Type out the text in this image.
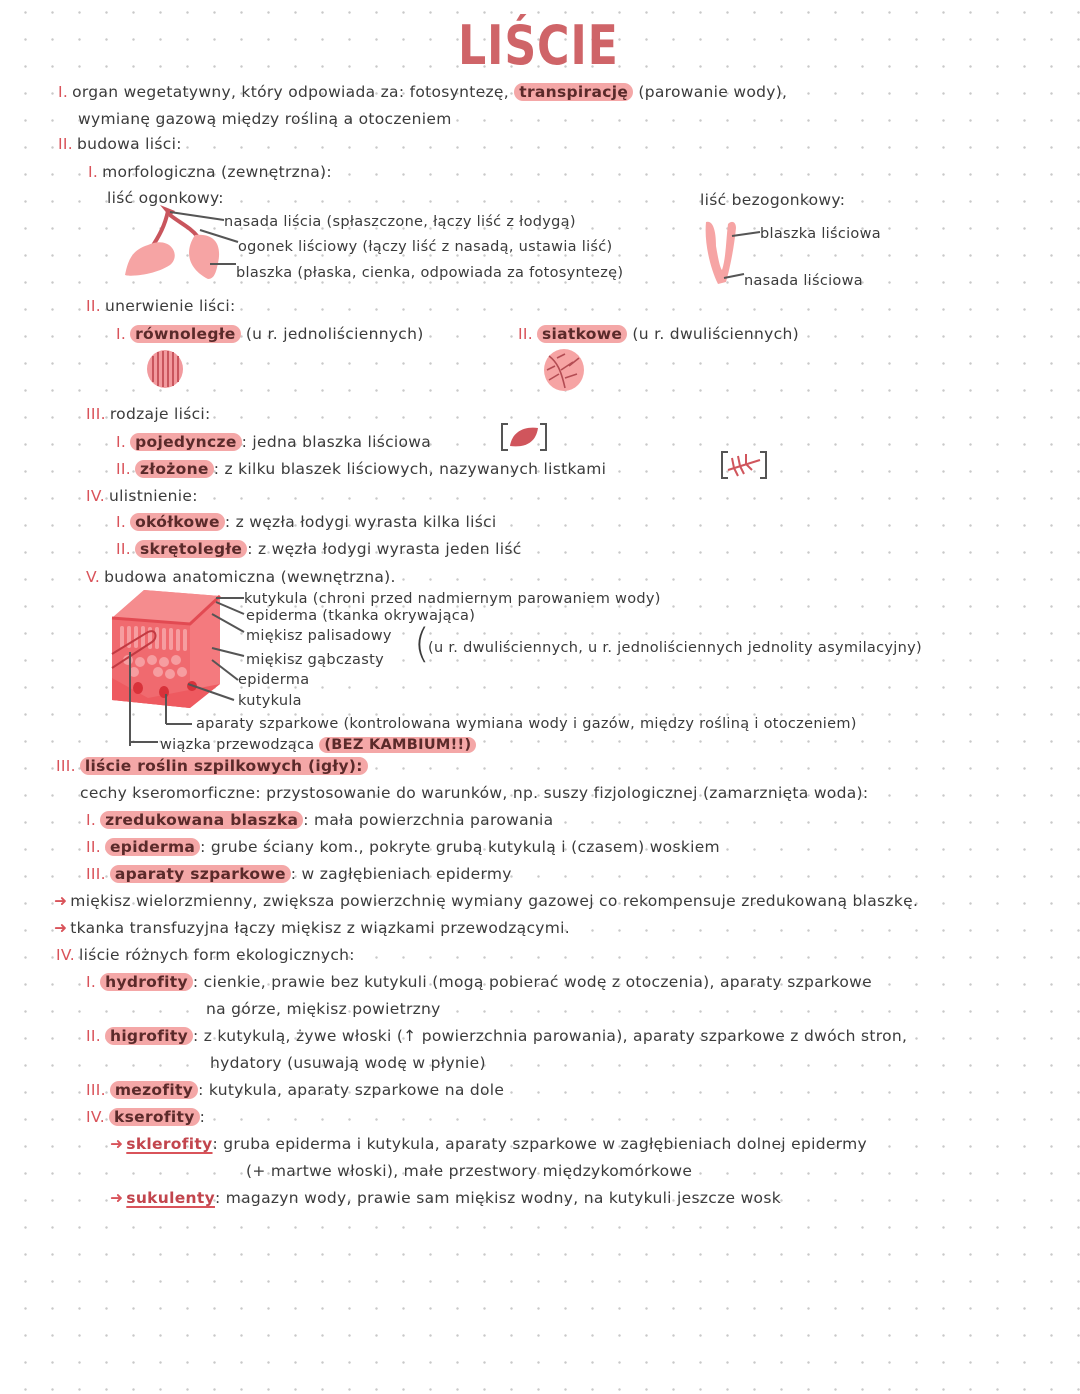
LIŚCIE
I. organ wegetatywny, który odpowiada za: fotosyntezę, transpirację (parowanie wody),
wymianę gazową między rośliną a otoczeniem
II. budowa liści:
I. morfologiczna (zewnętrzna):
liść ogonkowy:
nasada liścia (spłaszczone, łączy liść z łodygą)
ogonek liściowy (łączy liść z nasadą, ustawia liść)
blaszka (płaska, cienka, odpowiada za fotosyntezę)
liść bezogonkowy:
blaszka liściowa
nasada liściowa
II. unerwienie liści:
I. równoległe (u r. jednoliściennych)	II. siatkowe (u r. dwuliściennych)
III. rodzaje liści:
I. pojedyncze : jedna blaszka liściowa
II. złożone : z kilku blaszek liściowych, nazywanych listkami
IV. ulistnienie:
I. okółkowe : z węzła łodygi wyrasta kilka liści
II. skrętoległe : z węzła łodygi wyrasta jeden liść
V. budowa anatomiczna (wewnętrzna).
kutykula (chroni przed nadmiernym parowaniem wody)
epiderma (tkanka okrywająca)
miękisz palisadowy
miękisz gąbczasty (
(u r. dwuliściennych, u r. jednoliściennych jednolity asymilacyjny)
epiderma
kutykula
aparaty szparkowe (kontrolowana wymiana wody i gazów, między rośliną i otoczeniem)
wiązka przewodząca (BEZ KAMBIUM!!)
III. liście roślin szpilkowych (igły):
cechy kseromorficzne: przystosowanie do warunków, np. suszy fizjologicznej (zamarznięta woda):
I. zredukowana blaszka : mała powierzchnia parowania
II. epiderma : grube ściany kom., pokryte grubą kutykulą i (czasem) woskiem
III. aparaty szparkowe : w zagłębieniach epidermy
➜ miękisz wielorzmienny, zwiększa powierzchnię wymiany gazowej co rekompensuje zredukowaną blaszkę.
➜ tkanka transfuzyjna łączy miękisz z wiązkami przewodzącymi.
IV. liście różnych form ekologicznych:
I. hydrofity : cienkie, prawie bez kutykuli (mogą pobierać wodę z otoczenia), aparaty szparkowe
na górze, miękisz powietrzny
II. higrofity : z kutykulą, żywe włoski (↑ powierzchnia parowania), aparaty szparkowe z dwóch stron,
hydatory (usuwają wodę w płynie)
III. mezofity : kutykula, aparaty szparkowe na dole
IV. kserofity :
➜ sklerofity: gruba epiderma i kutykula, aparaty szparkowe w zagłębieniach dolnej epidermy
(+ martwe włoski), małe przestwory międzykomórkowe
➜ sukulenty: magazyn wody, prawie sam miękisz wodny, na kutykuli jeszcze wosk
